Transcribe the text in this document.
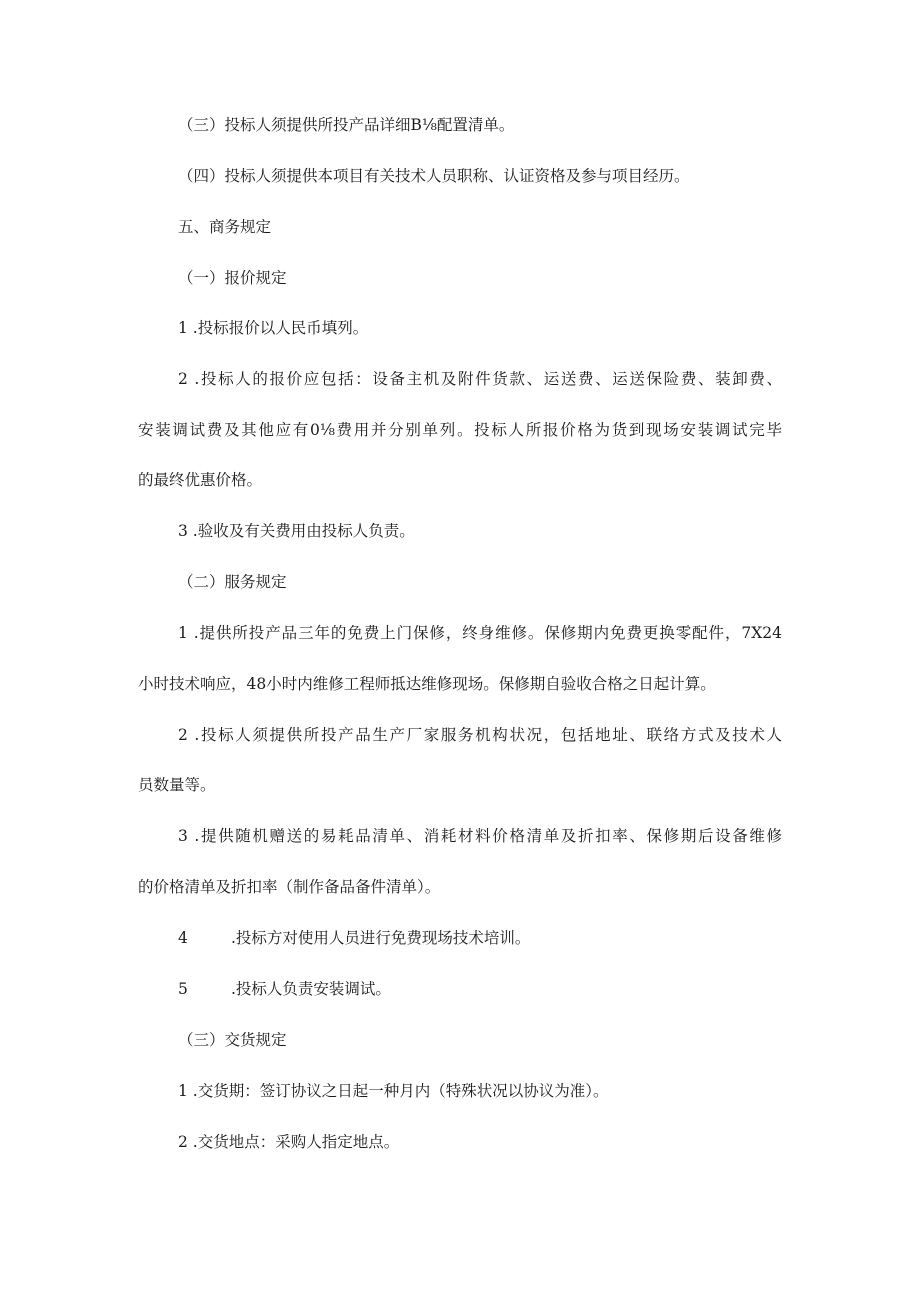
（三）投标人须提供所投产品详细B⅛配置清单。
（四）投标人须提供本项目有关技术人员职称、认证资格及参与项目经历。
五、商务规定
（一）报价规定
1 .投标报价以人民币填列。
2 .投标人的报价应包括：设备主机及附件货款、运送费、运送保险费、装卸费、
安装调试费及其他应有0⅛费用并分别单列。投标人所报价格为货到现场安装调试完毕
的最终优惠价格。
3 .验收及有关费用由投标人负责。
（二）服务规定
1 .提供所投产品三年的免费上门保修，终身维修。保修期内免费更换零配件，7X24
小时技术响应，48小时内维修工程师抵达维修现场。保修期自验收合格之日起计算。
2 .投标人须提供所投产品生产厂家服务机构状况，包括地址、联络方式及技术人
员数量等。
3 .提供随机赠送的易耗品清单、消耗材料价格清单及折扣率、保修期后设备维修
的价格清单及折扣率（制作备品备件清单）。
4	.投标方对使用人员进行免费现场技术培训。
5	.投标人负责安装调试。
（三）交货规定
1 .交货期：签订协议之日起一种月内（特殊状况以协议为准）。
2 .交货地点：采购人指定地点。
